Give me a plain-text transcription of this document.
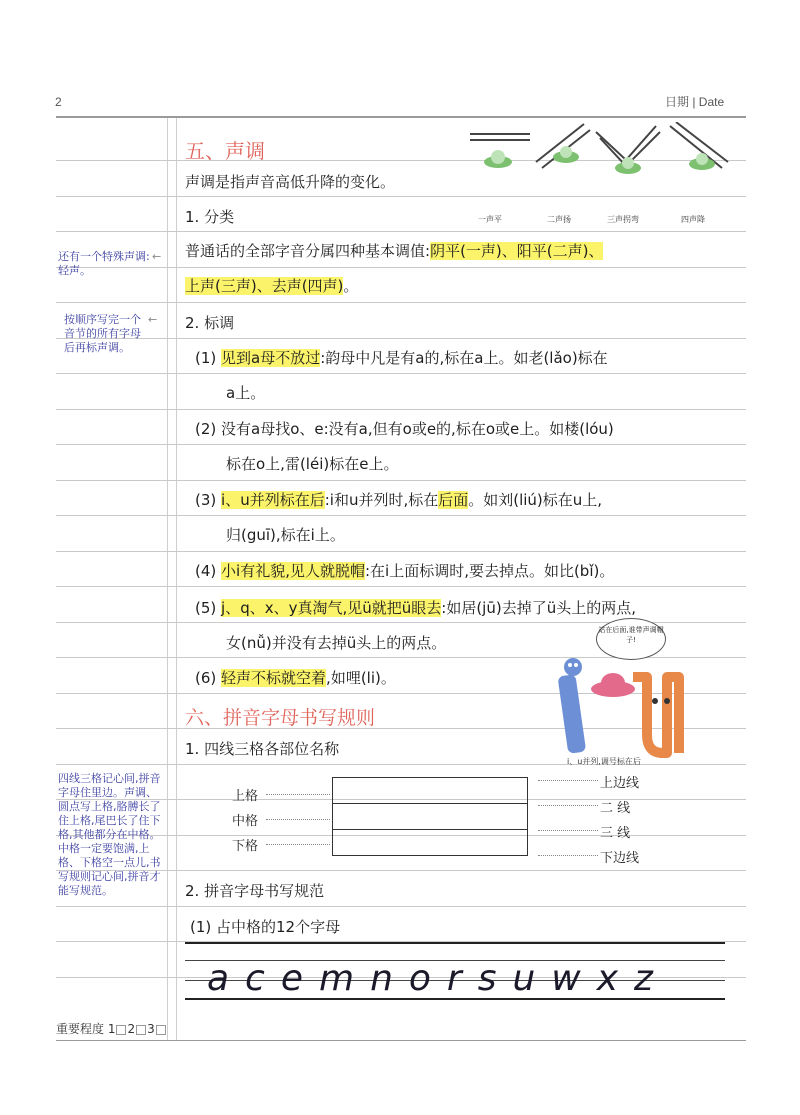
2	日期 | Date
一声平	二声扬	三声拐弯	四声降
五、声调
声调是指声音高低升降的变化。
1. 分类
普通话的全部字音分属四种基本调值:阴平(一声)、阳平(二声)、
上声(三声)、去声(四声)。
2. 标调
(1) 见到a母不放过:韵母中凡是有a的,标在a上。如老(lǎo)标在
a上。
(2) 没有a母找o、e:没有a,但有o或e的,标在o或e上。如楼(lóu)
标在o上,雷(léi)标在e上。
(3) i、u并列标在后:i和u并列时,标在后面。如刘(liú)标在u上,
归(guī),标在i上。
(4) 小i有礼貌,见人就脱帽:在i上面标调时,要去掉点。如比(bǐ)。
(5) j、q、x、y真淘气,见ü就把ü眼去:如居(jū)去掉了ü头上的两点,
女(nǚ)并没有去掉ü头上的两点。
(6) 轻声不标就空着,如哩(li)。
站在后面,谁带声调帽子!
i、u并列,调号标在后
六、拼音字母书写规则
1. 四线三格各部位名称
上格
中格
下格
上边线
二 线
三 线
下边线
2. 拼音字母书写规范
(1) 占中格的12个字母
acemnorsuwxz
还有一个特殊声调:轻声。
按顺序写完一个音节的所有字母后再标声调。
四线三格记心间,拼音字母住里边。声调、圆点写上格,胳膊长了住上格,尾巴长了住下格,其他都分在中格。中格一定要饱满,上格、下格空一点儿,书写规则记心间,拼音才能写规范。
←
←
重要程度 1 2 3
